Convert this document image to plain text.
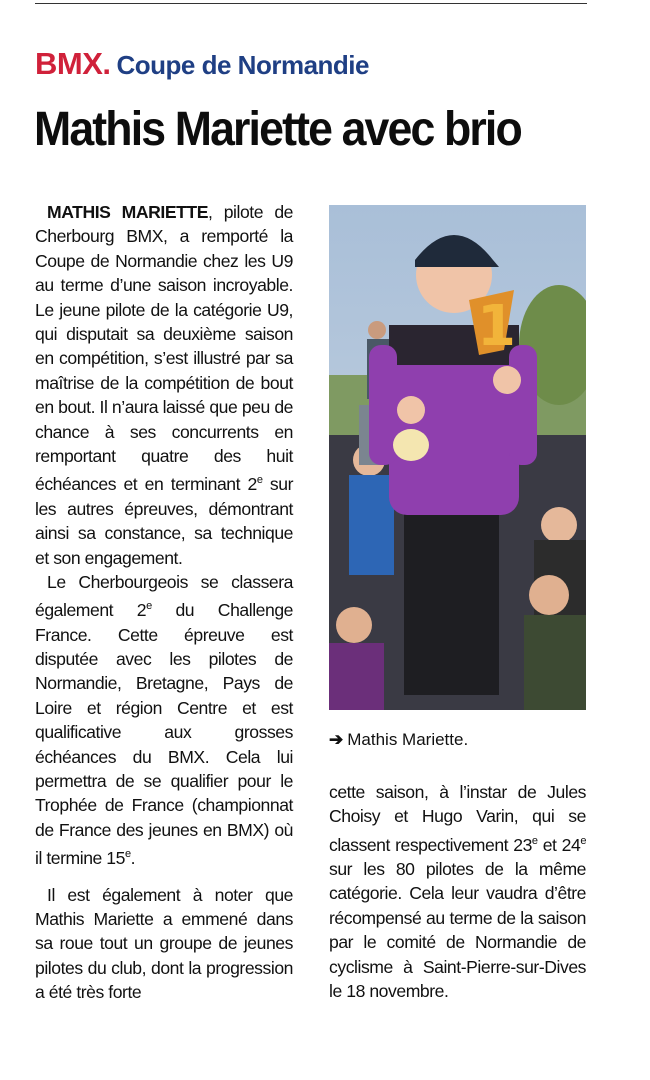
BMX. Coupe de Normandie
Mathis Mariette avec brio

MATHIS MARIETTE, pilote de Cherbourg BMX, a remporté la Coupe de Normandie chez les U9 au terme d’une saison incroyable. Le jeune pilote de la catégorie U9, qui disputait sa deuxième saison en compétition, s’est illustré par sa maîtrise de la compétition de bout en bout. Il n’aura laissé que peu de chance à ses concurrents en remportant quatre des huit échéances et en terminant 2e sur les autres épreuves, démontrant ainsi sa constance, sa technique et son engagement.

Le Cherbourgeois se classera également 2e du Challenge France. Cette épreuve est disputée avec les pilotes de Normandie, Bretagne, Pays de Loire et région Centre et est qualificative aux grosses échéances du BMX. Cela lui permettra de se qualifier pour le Trophée de France (championnat de France des jeunes en BMX) où il termine 15e.

Il est également à noter que Mathis Mariette a emmené dans sa roue tout un groupe de jeunes pilotes du club, dont la progression a été très forte

1
➔ Mathis Mariette.

cette saison, à l’instar de Jules Choisy et Hugo Varin, qui se classent respectivement 23e et 24e sur les 80 pilotes de la même catégorie. Cela leur vaudra d’être récompensé au terme de la saison par le comité de Normandie de cyclisme à Saint-Pierre-sur-Dives le 18 novembre.
